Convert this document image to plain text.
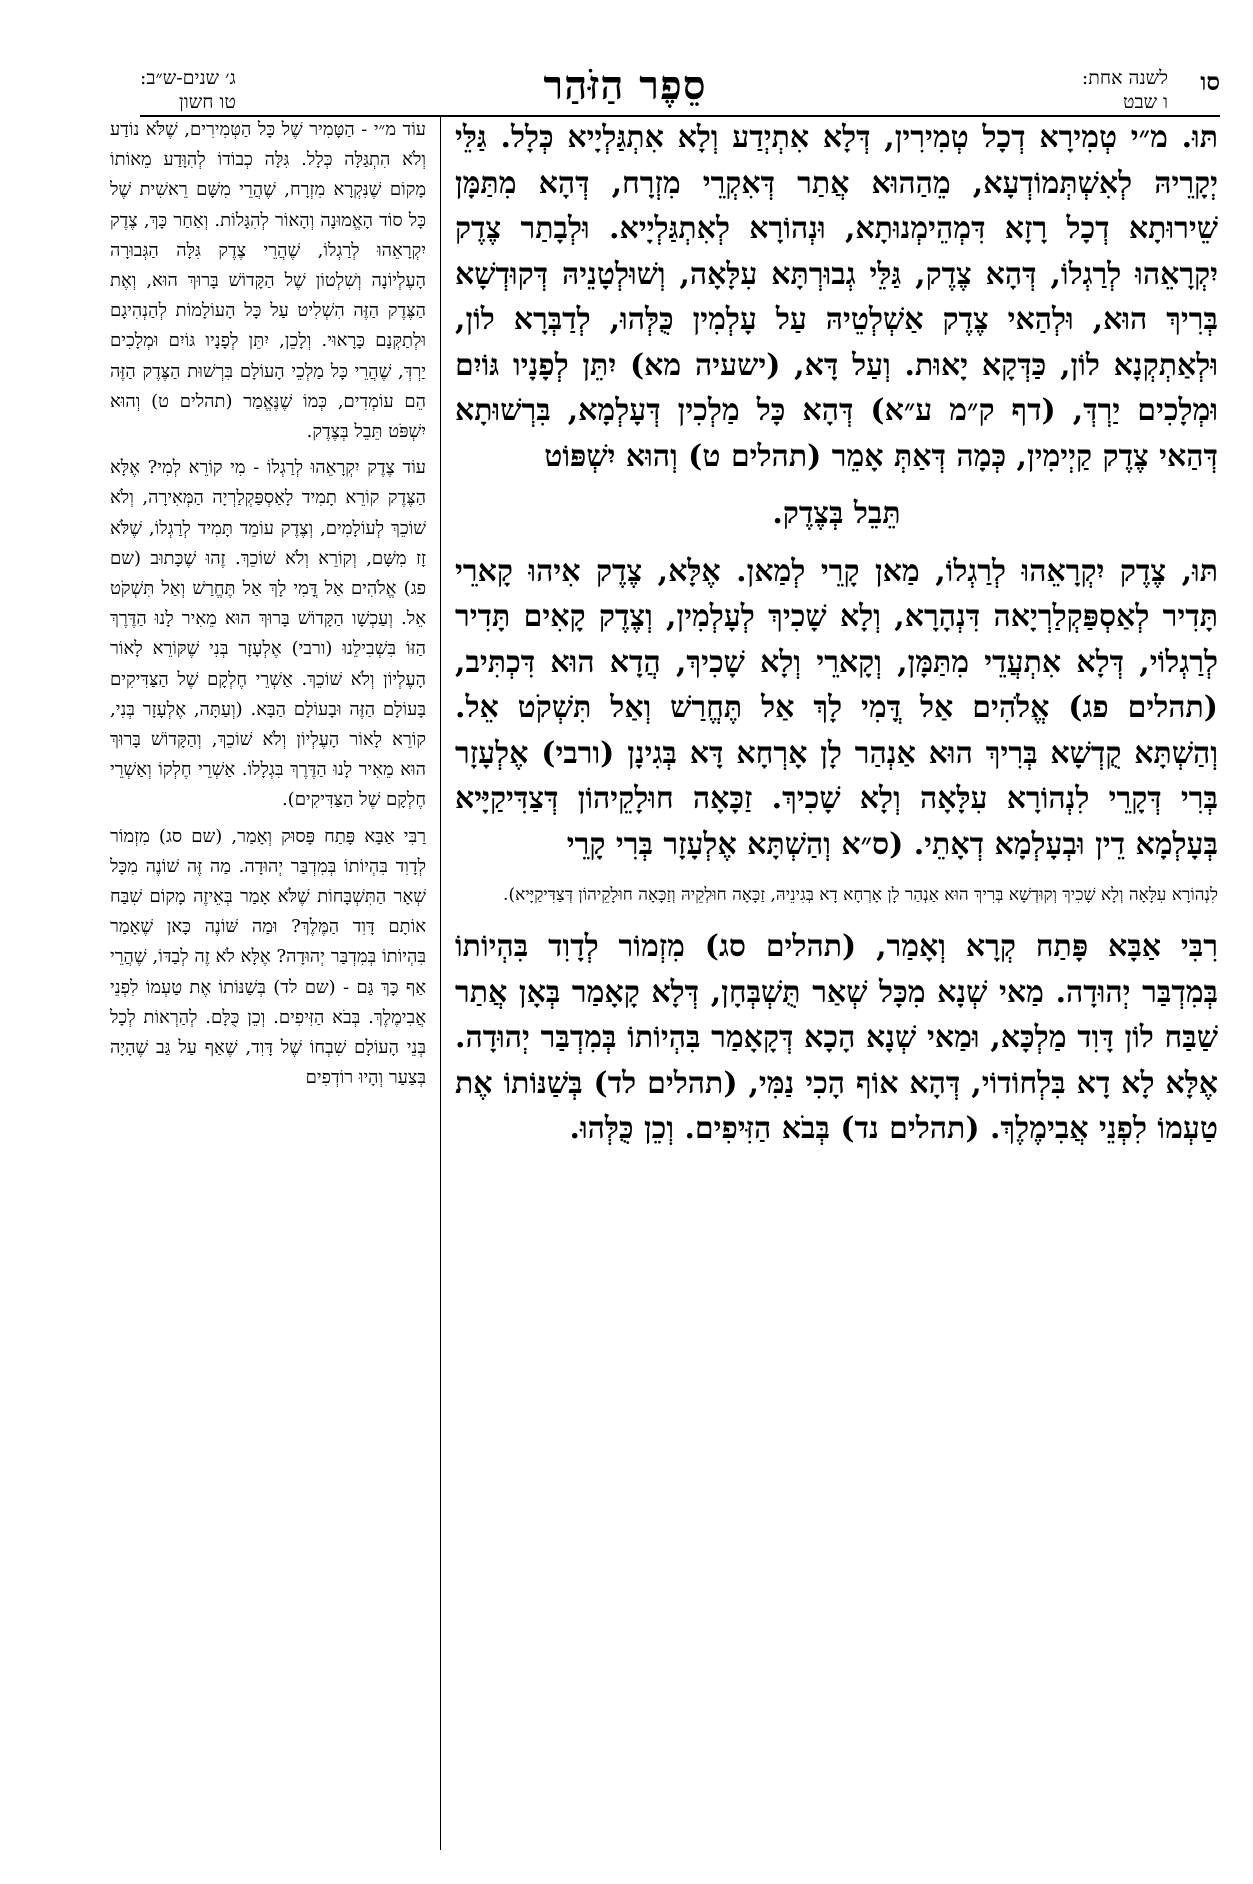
סו
לשנה אחת:
ו שבט
סֵפֶר הַזֹּהַר
ג׳ שנים-ש״ב:
טו חשון

תּוּ. מ״י טְמִירָא דְכָל טְמִירִין, דְּלָא אִתְיְדַע וְלָא אִתְגַּלְיָיא כְּלָל. גַּלֵּי יְקָרֵיהּ לְאִשְׁתְּמוֹדְעָא, מֵהַהוּא אֲתַר דְּאִקְרֵי מִזְרָח, דְּהָא מִתַּמָּן שֵׁירוּתָא דְכָל רָזָא דִּמְהֵימְנוּתָא, וּנְהוֹרָא לְאִתְגַּלְיָיא. וּלְבָתַר צֶדֶק יִקְרָאֵהוּ לְרַגְלוֹ, דְּהָא צֶדֶק, גַּלֵּי גְבוּרְתָּא עִלָּאָה, וְשׁוּלְטָנֵיהּ דְּקוּדְשָׁא בְּרִיךְ הוּא, וּלְהַאי צֶדֶק אַשְׁלְטֵיהּ עַל עָלְמִין כֻּלְּהוּ, לְדַבְּרָא לוֹן, וּלְאַתְקְנָא לוֹן, כַּדְּקָא יָאוּת. וְעַל דָּא, (ישעיה מא) יִתֵּן לְפָנָיו גּוֹיִם וּמְלָכִים יַרְדְּ, (דף ק״מ ע״א) דְּהָא כָּל מַלְכִין דְּעָלְמָא, בִּרְשׁוּתָא דְּהַאי צֶדֶק קַיְימִין, כְּמָה דְּאַתְּ אָמֵר (תהלים ט) וְהוּא יִשְׁפּוֹט

תֵּבֵל בְּצֶדֶק.

תּוּ, צֶדֶק יִקְרָאֵהוּ לְרַגְלוֹ, מַאן קָרֵי לְמַאן. אֶלָּא, צֶדֶק אִיהוּ קָארֵי תָּדִיר לְאַסְפַּקְלַרְיָאה דִּנְהָרָא, וְלָא שָׁכִיךְ לְעָלְמִין, וְצֶדֶק קָאִים תָּדִיר לְרַגְלוֹי, דְּלָא אִתְעֲדֵי מִתַּמָּן, וְקָארֵי וְלָא שָׁכִיךְ, הֲדָא הוּא דִּכְתִּיב, (תהלים פג) אֱלֹהִים אַל דֳּמִי לָךְ אַל תֶּחֱרַשׁ וְאַל תִּשְׁקֹט אֵל. וְהַשְׁתָּא קֻדְשָׁא בְּרִיךְ הוּא אַנְהַר לָן אָרְחָא דָּא בְּגִינָן (ורבי) אֶלְעָזָר בְּרִי דְּקָרֵי לִנְהוֹרָא עִלָּאָה וְלָא שָׁכִיךְ. זַכָּאָה חוּלָקֵיהוֹן דְּצַדִּיקַיָּיא בְּעָלְמָא דֵין וּבְעָלְמָא דְאָתֵי. (ס״א וְהַשְׁתָּא אֶלְעָזָר בְּרִי קָרֵי

לִנְהוֹרָא עִלָּאָה וְלָא שָׁכִיךְ וְקוּדְשָׁא בְּרִיךְ הוּא אַנְהַר לָן אָרְחָא דָא בְּגִינֵיהּ, זַכָּאָה חוּלְקֵיהּ וְזַכָּאָה חוּלָקֵיהוֹן דְּצַדִּיקַיָּיא).

רִבִּי אַבָּא פָּתַח קְרָא וְאָמַר, (תהלים סג) מִזְמוֹר לְדָוִד בִּהְיוֹתוֹ בְּמִדְבַּר יְהוּדָה. מַאי שְׁנָא מִכָּל שְׁאַר תֻּשְׁבְּחָן, דְּלָא קָאָמַר בְּאָן אֲתַר שַׁבַּח לוֹן דָּוִד מַלְכָּא, וּמַאי שְׁנָא הָכָא דְּקָאָמַר בִּהְיוֹתוֹ בְּמִדְבַּר יְהוּדָה. אֶלָּא לָא דָא בִּלְחוֹדוֹי, דְּהָא אוֹף הָכִי נַמִּי, (תהלים לד) בְּשַׁנּוֹתוֹ אֶת טַעְמוֹ לִפְנֵי אֲבִימֶלֶךְ. (תהלים נד) בְּבֹא הַזִּיפִים. וְכֵן כֻּלְּהוּ.

עוֹד מ״י - הַטָּמִיר שֶׁל כָּל הַטְּמִירִים, שֶׁלֹּא נוֹדַע וְלֹא הִתְגַּלָּה כְּלָל. גִּלָּה כְבוֹדוֹ לְהִוָּדַע מֵאוֹתוֹ מָקוֹם שֶׁנִּקְרָא מִזְרָח, שֶׁהֲרֵי מִשָּׁם רֵאשִׁית שֶׁל כָּל סוֹד הָאֱמוּנָה וְהָאוֹר לְהִגָּלוֹת. וְאַחַר כָּךְ, צֶדֶק יִקְרָאֵהוּ לְרַגְלוֹ, שֶׁהֲרֵי צֶדֶק גִּלָּה הַגְּבוּרָה הָעֶלְיוֹנָה וְשִׁלְטוֹן שֶׁל הַקָּדוֹשׁ בָּרוּךְ הוּא, וְאֶת הַצֶּדֶק הַזֶּה הִשְׁלִיט עַל כָּל הָעוֹלָמוֹת לְהַנְהִיגָם וּלְתַקְּנָם כָּרָאוּי. וְלָכֵן, יִתֵּן לְפָנָיו גּוֹיִם וּמְלָכִים יַרְדְּ, שֶׁהֲרֵי כָּל מַלְכֵי הָעוֹלָם בִּרְשׁוּת הַצֶּדֶק הַזֶּה הֵם עוֹמְדִים, כְּמוֹ שֶׁנֶּאֱמַר (תהלים ט) וְהוּא יִשְׁפֹּט תֵּבֵל בְּצֶדֶק.

עוֹד צֶדֶק יִקְרָאֵהוּ לְרַגְלוֹ - מִי קוֹרֵא לְמִי? אֶלָּא הַצֶּדֶק קוֹרֵא תָמִיד לָאַסְפַּקְלַרְיָה הַמְּאִירָה, וְלֹא שׁוֹכֵךְ לְעוֹלָמִים, וְצֶדֶק עוֹמֵד תָּמִיד לְרַגְלוֹ, שֶׁלֹּא זָז מִשָּׁם, וְקוֹרֵא וְלֹא שׁוֹכֵךְ. זֶהוּ שֶׁכָּתוּב (שם פג) אֱלֹהִים אַל דֳּמִי לָךְ אַל תֶּחֱרַשׁ וְאַל תִּשְׁקֹט אֵל. וְעַכְשָׁו הַקָּדוֹשׁ בָּרוּךְ הוּא מֵאִיר לָנוּ הַדֶּרֶךְ הַזּוֹ בִּשְׁבִילֵנוּ (ורבי) אֶלְעָזָר בְּנִי שֶׁקּוֹרֵא לָאוֹר הָעֶלְיוֹן וְלֹא שׁוֹכֵךְ. אַשְׁרֵי חֶלְקָם שֶׁל הַצַּדִּיקִים בָּעוֹלָם הַזֶּה וּבָעוֹלָם הַבָּא. (וְעַתָּה, אֶלְעָזָר בְּנִי, קוֹרֵא לָאוֹר הָעֶלְיוֹן וְלֹא שׁוֹכֵךְ, וְהַקָּדוֹשׁ בָּרוּךְ הוּא מֵאִיר לָנוּ הַדֶּרֶךְ בִּגְלָלוֹ. אַשְׁרֵי חֶלְקוֹ וְאַשְׁרֵי חֶלְקָם שֶׁל הַצַּדִּיקִים).

רַבִּי אַבָּא פָּתַח פָּסוּק וְאָמַר, (שם סג) מִזְמוֹר לְדָוִד בִּהְיוֹתוֹ בְּמִדְבַּר יְהוּדָה. מַה זֶּה שׁוֹנֶה מִכָּל שְׁאָר הַתִּשְׁבָּחוֹת שֶׁלֹּא אָמַר בְּאֵיזֶה מָקוֹם שִׁבַּח אוֹתָם דָּוִד הַמֶּלֶךְ? וּמַה שּׁוֹנֶה כָּאן שֶׁאָמַר בִּהְיוֹתוֹ בְּמִדְבַּר יְהוּדָה? אֶלָּא לֹא זֶה לְבַדּוֹ, שֶׁהֲרֵי אַף כָּךְ גַּם - (שם לד) בְּשַׁנּוֹתוֹ אֶת טַעְמוֹ לִפְנֵי אֲבִימֶלֶךְ. בְּבֹא הַזִּיפִים. וְכֵן כֻּלָּם. לְהַרְאוֹת לְכָל בְּנֵי הָעוֹלָם שִׁבְחוֹ שֶׁל דָּוִד, שֶׁאַף עַל גַּב שֶׁהָיָה בְּצַעַר וְהָיוּ רוֹדְפִים
